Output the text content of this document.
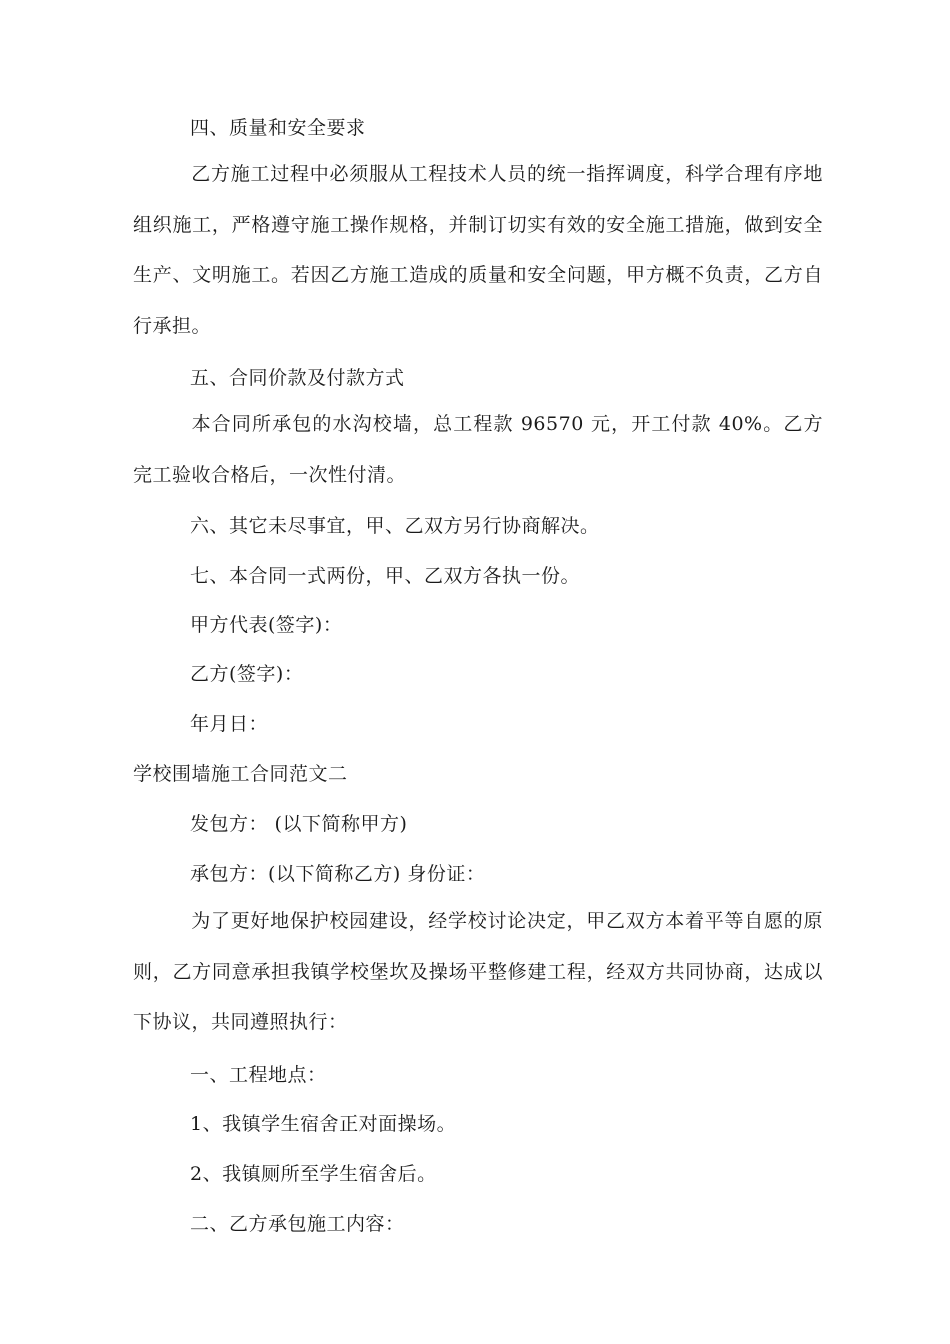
四、质量和安全要求
乙方施工过程中必须服从工程技术人员的统一指挥调度，科学合理有序地组织施工，严格遵守施工操作规格，并制订切实有效的安全施工措施，做到安全生产、文明施工。若因乙方施工造成的质量和安全问题，甲方概不负责，乙方自行承担。
五、合同价款及付款方式
本合同所承包的水沟校墙，总工程款 96570 元，开工付款 40%。乙方完工验收合格后，一次性付清。
六、其它未尽事宜，甲、乙双方另行协商解决。
七、本合同一式两份，甲、乙双方各执一份。
甲方代表(签字)：
乙方(签字)：
年月日：
学校围墙施工合同范文二
发包方： (以下简称甲方)
承包方：(以下简称乙方) 身份证：
为了更好地保护校园建设，经学校讨论决定，甲乙双方本着平等自愿的原则，乙方同意承担我镇学校堡坎及操场平整修建工程，经双方共同协商，达成以下协议，共同遵照执行：
一、工程地点：
1、我镇学生宿舍正对面操场。
2、我镇厕所至学生宿舍后。
二、乙方承包施工内容：
